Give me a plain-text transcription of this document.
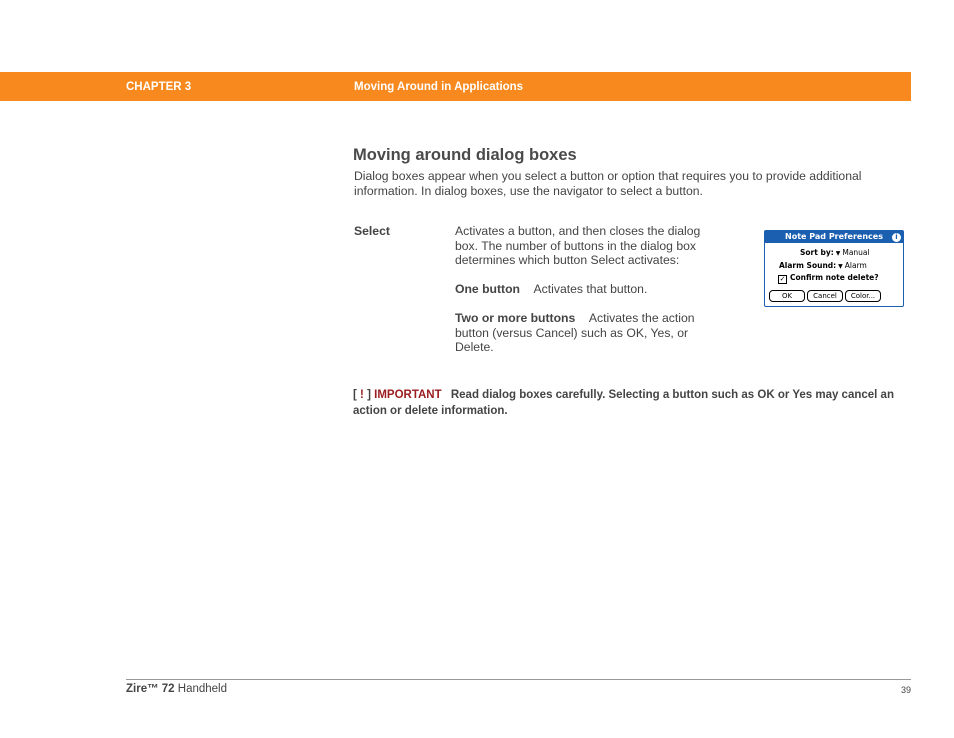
CHAPTER 3	Moving Around in Applications
Moving around dialog boxes
Dialog boxes appear when you select a button or option that requires you to provide additional information. In dialog boxes, use the navigator to select a button.
Select	Activates a button, and then closes the dialog box. The number of buttons in the dialog box determines which button Select activates:

One button Activates that button.

Two or more buttons Activates the action button (versus Cancel) such as OK, Yes, or Delete.

Note Pad Preferences	i
Sort by: ▼ Manual
Alarm Sound: ▼ Alarm
✓ Confirm note delete?
OK	Cancel	Color...
[ ! ] IMPORTANT Read dialog boxes carefully. Selecting a button such as OK or Yes may cancel an action or delete information.
Zire™ 72 Handheld	39
